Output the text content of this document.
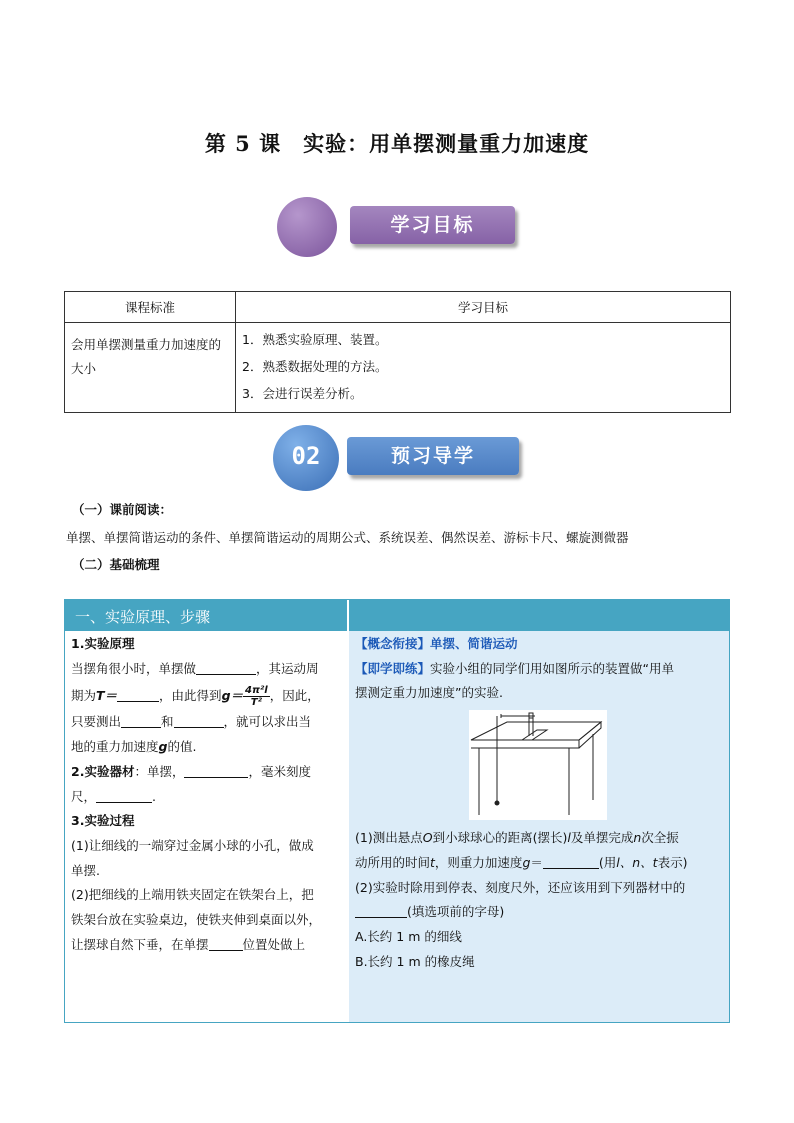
第 5 课　实验：用单摆测量重力加速度
学习目标
课程标准	学习目标
会用单摆测量重力加速度的大小	1．熟悉实验原理、装置。
2．熟悉数据处理的方法。
3．会进行误差分析。
02	预习导学
（一）课前阅读：
单摆、单摆简谐运动的条件、单摆简谐运动的周期公式、系统误差、偶然误差、游标卡尺、螺旋测微器
（二）基础梳理
一、实验原理、步骤
1.实验原理
当摆角很小时，单摆做	，其运动周
期为T＝	，由此得到$g= \frac{\text{4π²l}}{\text{T²}}$ ，因此，
只要测出	和	，就可以求出当
地的重力加速度g的值.
2.实验器材：单摆，	，毫米刻度
尺，	.
3.实验过程
(1)让细线的一端穿过金属小球的小孔，做成
单摆.
(2)把细线的上端用铁夹固定在铁架台上，把
铁架台放在实验桌边，使铁夹伸到桌面以外，
让摆球自然下垂，在单摆	位置处做上
【概念衔接】单摆、简谐运动
【即学即练】实验小组的同学们用如图所示的装置做“用单
摆测定重力加速度”的实验.
(1)测出悬点O到小球球心的距离(摆长)l及单摆完成n次全振
动所用的时间t，则重力加速度g＝	(用l、n、t表示)
(2)实验时除用到停表、刻度尺外，还应该用到下列器材中的
(填选项前的字母)
A.长约 1 m 的细线
B.长约 1 m 的橡皮绳
